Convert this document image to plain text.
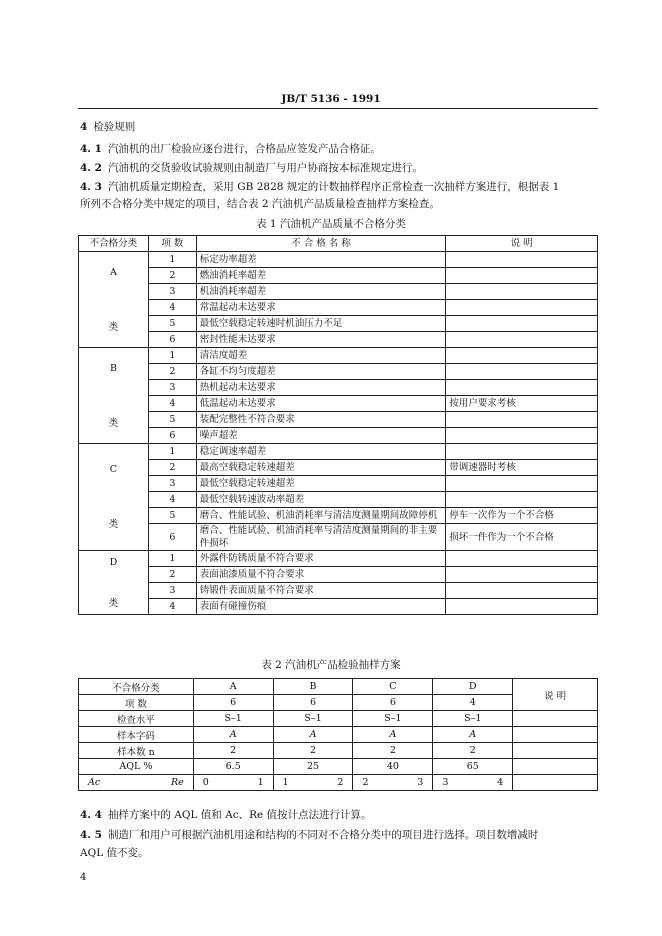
JB/T 5136 - 1991
4 检验规则
4. 1 汽油机的出厂检验应逐台进行，合格品应签发产品合格证。
4. 2 汽油机的交货验收试验规则由制造厂与用户协商按本标准规定进行。
4. 3 汽油机质量定期检查，采用 GB 2828 规定的计数抽样程序正常检查一次抽样方案进行，根据表 1
所列不合格分类中规定的项目，结合表 2 汽油机产品质量检查抽样方案检查。
表 1 汽油机产品质量不合格分类
不合格分类	项 数	不 合 格 名 称	说 明

A
类	1	标定功率超差	
	2	燃油消耗率超差	
	3	机油消耗率超差	
	4	常温起动未达要求	
	5	最低空载稳定转速时机油压力不足	
	6	密封性能未达要求	

B
类	1	清洁度超差	
	2	各缸不均匀度超差	
	3	热机起动未达要求	
	4	低温起动未达要求	按用户要求考核
	5	装配完整性不符合要求	
	6	噪声超差	

C
类	1	稳定调速率超差	
	2	最高空载稳定转速超差	带调速器时考核
	3	最低空载稳定转速超差	
	4	最低空载转速波动率超差	
	5	磨合、性能试验、机油消耗率与清洁度测量期间故障停机	停车一次作为一个不合格
	6	磨合、性能试验、机油消耗率与清洁度测量期间的非主要件损坏	损坏一件作为一个不合格

D
类	1	外露件防锈质量不符合要求	
	2	表面油漆质量不符合要求	
	3	铸锻件表面质量不符合要求	
	4	表面有碰撞伤痕	
表 2 汽油机产品检验抽样方案
不合格分类	A	B	C	D	说 明
项 数	6	6	6	4	
检查水平	S–1	S–1	S–1	S–1	
样本字码	A	A	A	A	
样本数 n	2	2	2	2	
AQL %	6.5	25	40	65	

Ac Re	0 1	1 2	2 3	3 4	

4. 4 抽样方案中的 AQL 值和 Ac、Re 值按计点法进行计算。
4. 5 制造厂和用户可根据汽油机用途和结构的不同对不合格分类中的项目进行选择。项目数增减时
AQL 值不变。
4
